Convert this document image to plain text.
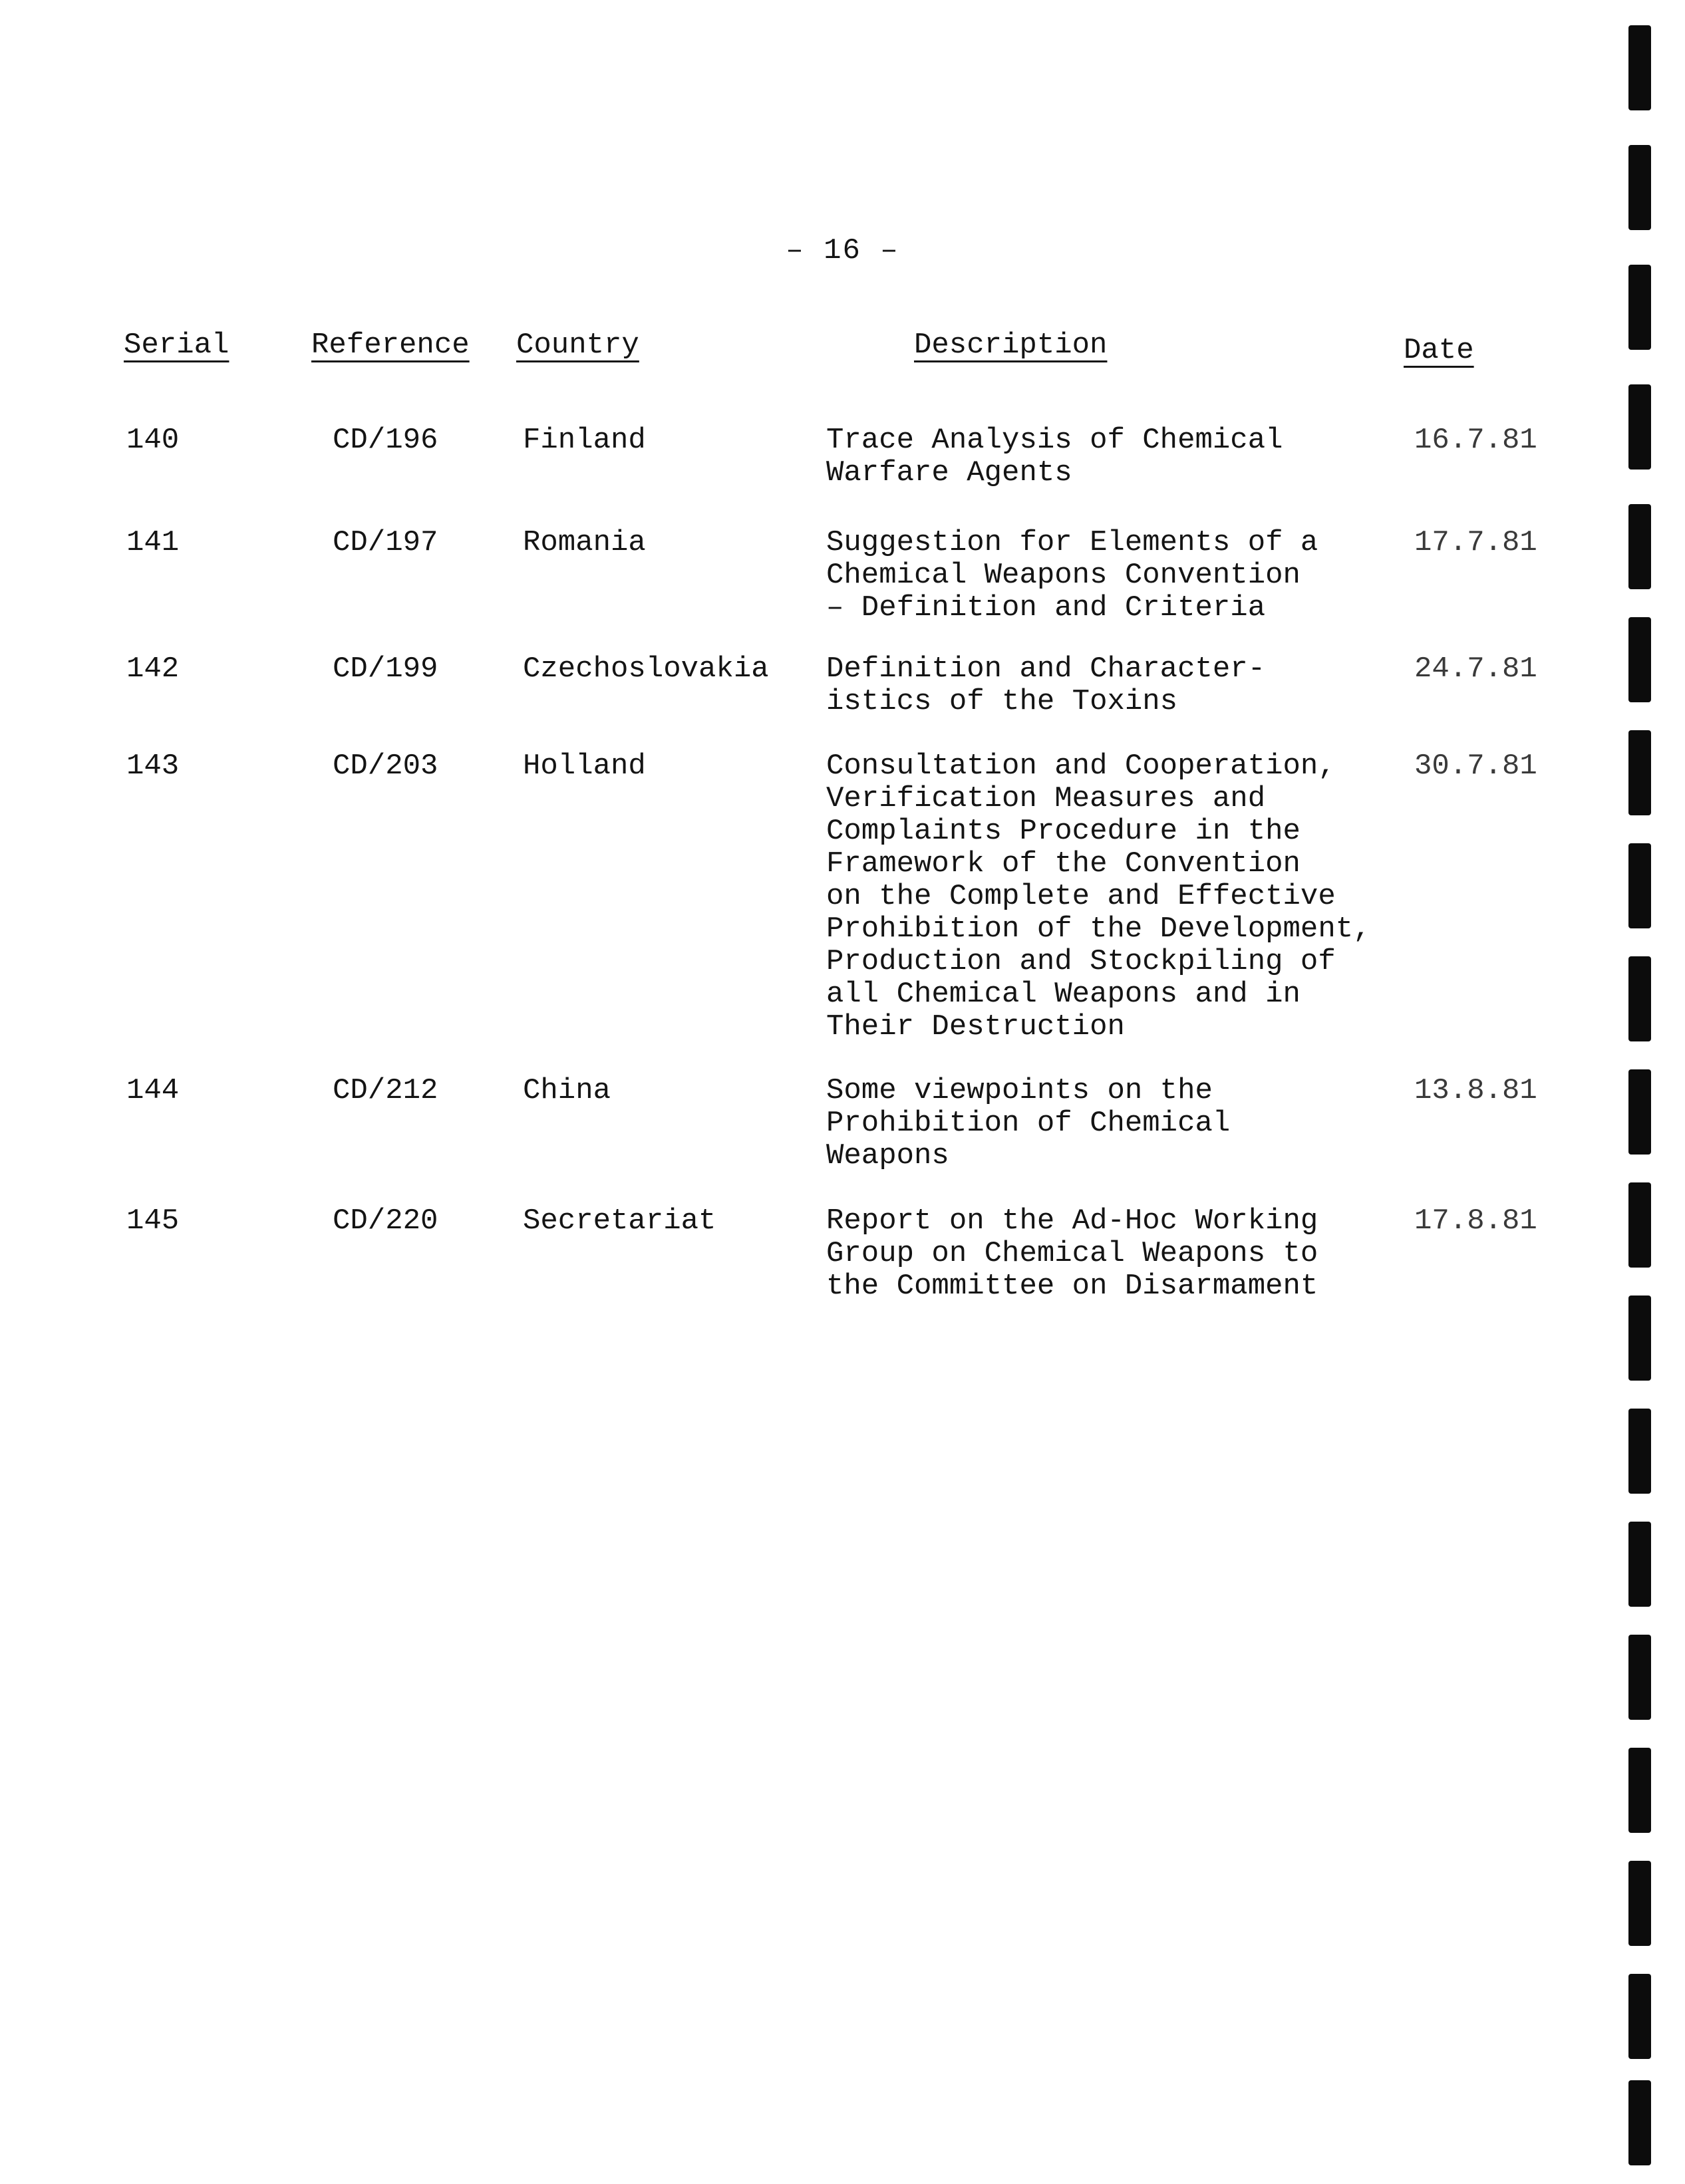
– 16 –
Serial	Reference Country	Description	Date
140	CD/196	Finland	Trace Analysis of Chemical
Warfare Agents
16.7.81
141	CD/197	Romania	Suggestion for Elements of a
Chemical Weapons Convention
– Definition and Criteria
17.7.81
142	CD/199	Czechoslovakia Definition and Character-
istics of the Toxins
24.7.81
143	CD/203	Holland	Consultation and Cooperation,
Verification Measures and
Complaints Procedure in the
Framework of the Convention
on the Complete and Effective
Prohibition of the Development,
Production and Stockpiling of
all Chemical Weapons and in
Their Destruction
30.7.81
144	CD/212	China	Some viewpoints on the
Prohibition of Chemical
Weapons
13.8.81
145	CD/220	Secretariat	Report on the Ad-Hoc Working
Group on Chemical Weapons to
the Committee on Disarmament
17.8.81
